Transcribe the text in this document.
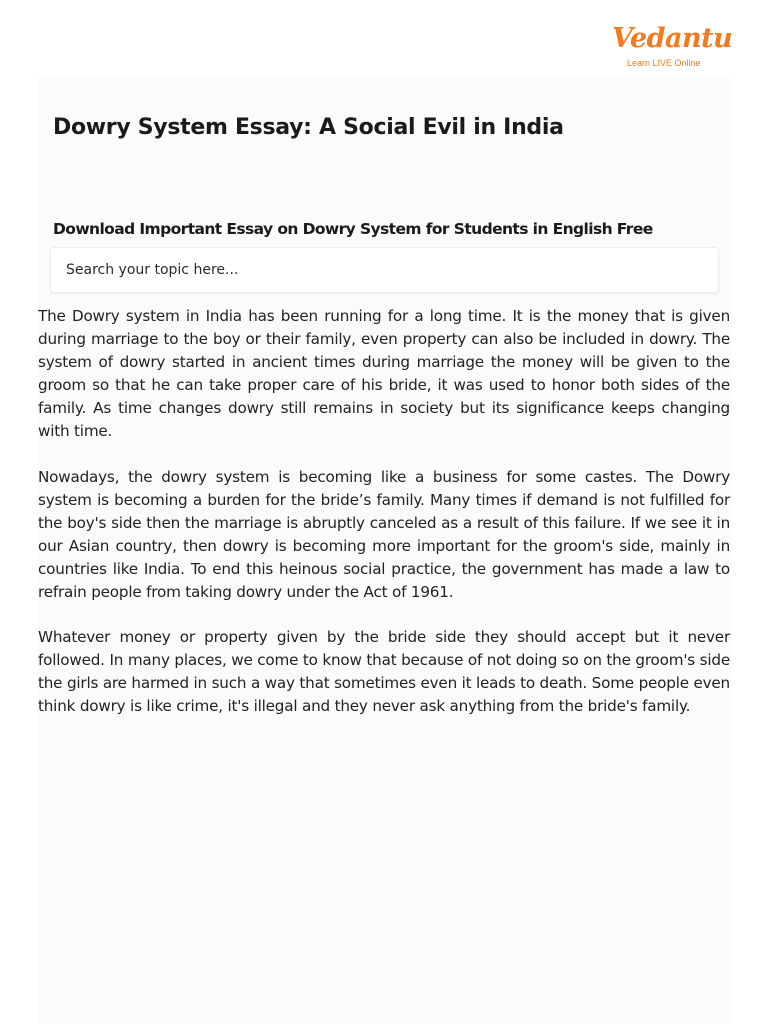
Vedantu
Learn LIVE Online
Dowry System Essay: A Social Evil in India
Download Important Essay on Dowry System for Students in English Free
Search your topic here...

The Dowry system in India has been running for a long time. It is the money that is given during marriage to the boy or their family, even property can also be included in dowry. The system of dowry started in ancient times during marriage the money will be given to the groom so that he can take proper care of his bride, it was used to honor both sides of the family. As time changes dowry still remains in society but its significance keeps changing with time.

Nowadays, the dowry system is becoming like a business for some castes. The Dowry system is becoming a burden for the bride’s family. Many times if demand is not fulfilled for the boy's side then the marriage is abruptly canceled as a result of this failure. If we see it in our Asian country, then dowry is becoming more important for the groom's side, mainly in countries like India. To end this heinous social practice, the government has made a law to refrain people from taking dowry under the Act of 1961.

Whatever money or property given by the bride side they should accept but it never followed. In many places, we come to know that because of not doing so on the groom's side the girls are harmed in such a way that sometimes even it leads to death. Some people even think dowry is like crime, it's illegal and they never ask anything from the bride's family.
